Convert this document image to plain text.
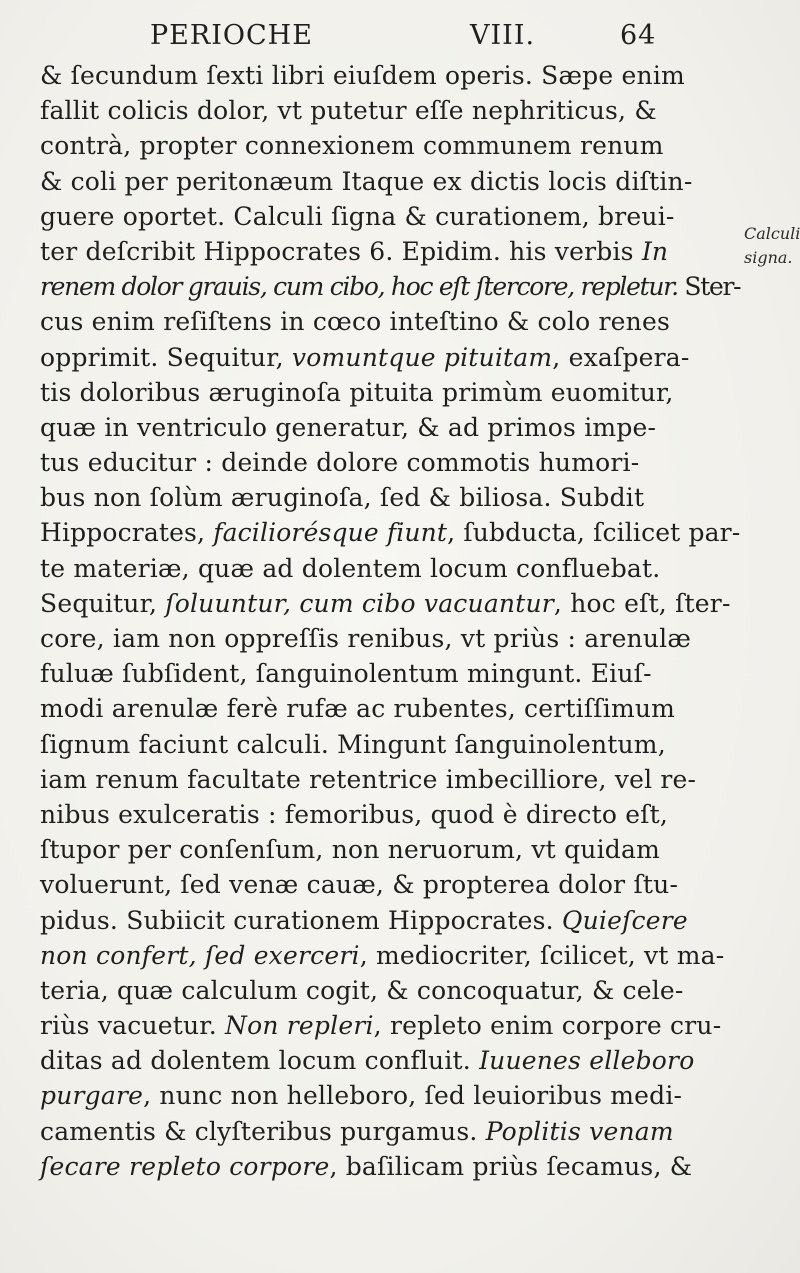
PERIOCHE	VIII.	64
& ſecundum ſexti libri eiuſdem operis. Sæpe enim
fallit colicis dolor, vt putetur eſſe nephriticus, &
contrà, propter connexionem communem renum
& coli per peritonæum Itaque ex dictis locis diſtin-
guere oportet. Calculi ſigna & curationem, breui-
ter deſcribit Hippocrates 6. Epidim. his verbis In
renem dolor grauis, cum cibo, hoc eſt ſtercore, repletur. Ster-
cus enim reſiſtens in cœco inteſtino & colo renes
opprimit. Sequitur, vomuntque pituitam, exaſpera-
tis doloribus æruginoſa pituita primùm euomitur,
quæ in ventriculo generatur, & ad primos impe-
tus educitur : deinde dolore commotis humori-
bus non ſolùm æruginoſa, ſed & biliosa. Subdit
Hippocrates, faciliorésque fiunt, ſubducta, ſcilicet par-
te materiæ, quæ ad dolentem locum confluebat.
Sequitur, ſoluuntur, cum cibo vacuantur, hoc eſt, ſter-
core, iam non oppreſſis renibus, vt priùs : arenulæ
fuluæ ſubſident, ſanguinolentum mingunt. Eiuſ-
modi arenulæ ferè rufæ ac rubentes, certiſſimum
ſignum faciunt calculi. Mingunt ſanguinolentum,
iam renum facultate retentrice imbecilliore, vel re-
nibus exulceratis : femoribus, quod è directo eſt,
ſtupor per conſenſum, non neruorum, vt quidam
voluerunt, ſed venæ cauæ, & propterea dolor ſtu-
pidus. Subiicit curationem Hippocrates. Quieſcere
non confert, ſed exerceri, mediocriter, ſcilicet, vt ma-
teria, quæ calculum cogit, & concoquatur, & cele-
riùs vacuetur. Non repleri, repleto enim corpore cru-
ditas ad dolentem locum confluit. Iuuenes elleboro
purgare, nunc non helleboro, ſed leuioribus medi-
camentis & clyſteribus purgamus. Poplitis venam
ſecare repleto corpore, baſilicam priùs ſecamus, &
Calculi
signa.
